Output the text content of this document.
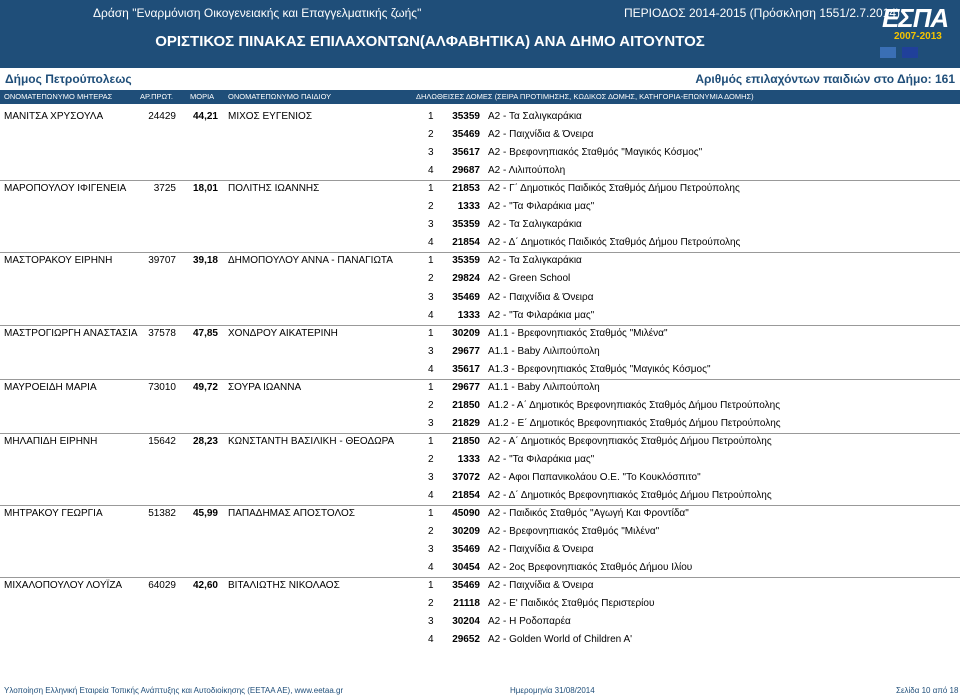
Δράση "Εναρμόνιση Οικογενειακής και Επαγγελματικής ζωής"	ΠΕΡΙΟΔΟΣ 2014-2015 (Πρόσκληση 1551/2.7.2014)
ΟΡΙΣΤΙΚΟΣ ΠΙΝΑΚΑΣ ΕΠΙΛΑΧΟΝΤΩΝ(ΑΛΦΑΒΗΤΙΚΑ) ΑΝΑ ΔΗΜΟ ΑΙΤΟΥΝΤΟΣ
ΕΣΠΑ
2007-2013
Δήμος Πετρούπολεως	Αριθμός επιλαχόντων παιδιών στο Δήμο: 161
ΟΝΟΜΑΤΕΠΩΝΥΜΟ ΜΗΤΕΡΑΣ	ΑΡ.ΠΡΩΤ. ΜΟΡΙΑ ΟΝΟΜΑΤΕΠΩΝΥΜΟ ΠΑΙΔΙΟΥ	ΔΗΛΩΘΕΙΣΕΣ ΔΟΜΕΣ (ΣΕΙΡΑ ΠΡΟΤΙΜΗΣΗΣ, ΚΩΔΙΚΟΣ ΔΟΜΗΣ, ΚΑΤΗΓΟΡΙΑ-ΕΠΩΝΥΜΙΑ ΔΟΜΗΣ)
ΜΑΝΙΤΣΑ ΧΡΥΣΟΥΛΑ	24429	44,21 ΜΙΧΟΣ ΕΥΓΕΝΙΟΣ	1 35359 Α2 - Τα Σαλιγκαράκια
2 35469 Α2 - Παιχνίδια & Όνειρα
3 35617 Α2 - Βρεφονηπιακός Σταθμός "Μαγικός Κόσμος"
4 29687 Α2 - Λιλιπούπολη
ΜΑΡΟΠΟΥΛΟΥ ΙΦΙΓΕΝΕΙΑ	3725	18,01 ΠΟΛΙΤΗΣ ΙΩΑΝΝΗΣ	1 21853 Α2 - Γ΄ Δημοτικός Παιδικός Σταθμός Δήμου Πετρούπολης
2	1333 Α2 - "Τα Φιλαράκια μας"
3 35359 Α2 - Τα Σαλιγκαράκια
4 21854 Α2 - Δ΄ Δημοτικός Παιδικός Σταθμός Δήμου Πετρούπολης
ΜΑΣΤΟΡΑΚΟΥ ΕΙΡΗΝΗ	39707	39,18 ΔΗΜΟΠΟΥΛΟΥ ΑΝΝΑ - ΠΑΝΑΓΙΩΤΑ	1 35359 Α2 - Τα Σαλιγκαράκια
2 29824 Α2 - Green School
3 35469 Α2 - Παιχνίδια & Όνειρα
4	1333 Α2 - "Τα Φιλαράκια μας"
ΜΑΣΤΡΟΓΙΩΡΓΗ ΑΝΑΣΤΑΣΙΑ 37578	47,85 ΧΟΝΔΡΟΥ ΑΙΚΑΤΕΡΙΝΗ	1 30209 Α1.1 - Βρεφονηπιακός Σταθμός "Μιλένα"
3 29677 Α1.1 - Baby Λιλιπούπολη
4 35617 Α1.3 - Βρεφονηπιακός Σταθμός "Μαγικός Κόσμος"
ΜΑΥΡΟΕΙΔΗ ΜΑΡΙΑ	73010	49,72 ΣΟΥΡΑ ΙΩΑΝΝΑ	1 29677 Α1.1 - Baby Λιλιπούπολη
2 21850 Α1.2 - Α΄ Δημοτικός Βρεφονηπιακός Σταθμός Δήμου Πετρούπολης
3 21829 Α1.2 - Ε΄ Δημοτικός Βρεφονηπιακός Σταθμός Δήμου Πετρούπολης
ΜΗΛΑΠΙΔΗ ΕΙΡΗΝΗ	15642	28,23 ΚΩΝΣΤΑΝΤΗ ΒΑΣΙΛΙΚΗ - ΘΕΟΔΩΡΑ	1 21850 Α2 - Α΄ Δημοτικός Βρεφονηπιακός Σταθμός Δήμου Πετρούπολης
2	1333 Α2 - "Τα Φιλαράκια μας"
3 37072 Α2 - Αφοι Παπανικολάου Ο.Ε. "Το Κουκλόσπιτο"
4 21854 Α2 - Δ΄ Δημοτικός Βρεφονηπιακός Σταθμός Δήμου Πετρούπολης
ΜΗΤΡΑΚΟΥ ΓΕΩΡΓΙΑ	51382	45,99 ΠΑΠΑΔΗΜΑΣ ΑΠΟΣΤΟΛΟΣ	1 45090 Α2 - Παιδικός Σταθμός "Αγωγή Και Φροντίδα"
2 30209 Α2 - Βρεφονηπιακός Σταθμός "Μιλένα"
3 35469 Α2 - Παιχνίδια & Όνειρα
4 30454 Α2 - 2ος Βρεφονηπιακός Σταθμός Δήμου Ιλίου
ΜΙΧΑΛΟΠΟΥΛΟΥ ΛΟΥΪΖΑ	64029	42,60 ΒΙΤΑΛΙΩΤΗΣ ΝΙΚΟΛΑΟΣ	1 35469 Α2 - Παιχνίδια & Όνειρα
2	21118 Α2 - Ε' Παιδικός Σταθμός Περιστερίου
3 30204 Α2 - Η Ροδοπαρέα
4 29652 Α2 - Golden World of Children A'
Υλοποίηση Ελληνική Εταιρεία Τοπικής Ανάπτυξης και Αυτοδιοίκησης (ΕΕΤΑΑ ΑΕ), www.eetaa.gr	Ημερομηνία 31/08/2014	Σελίδα 10 από 18
